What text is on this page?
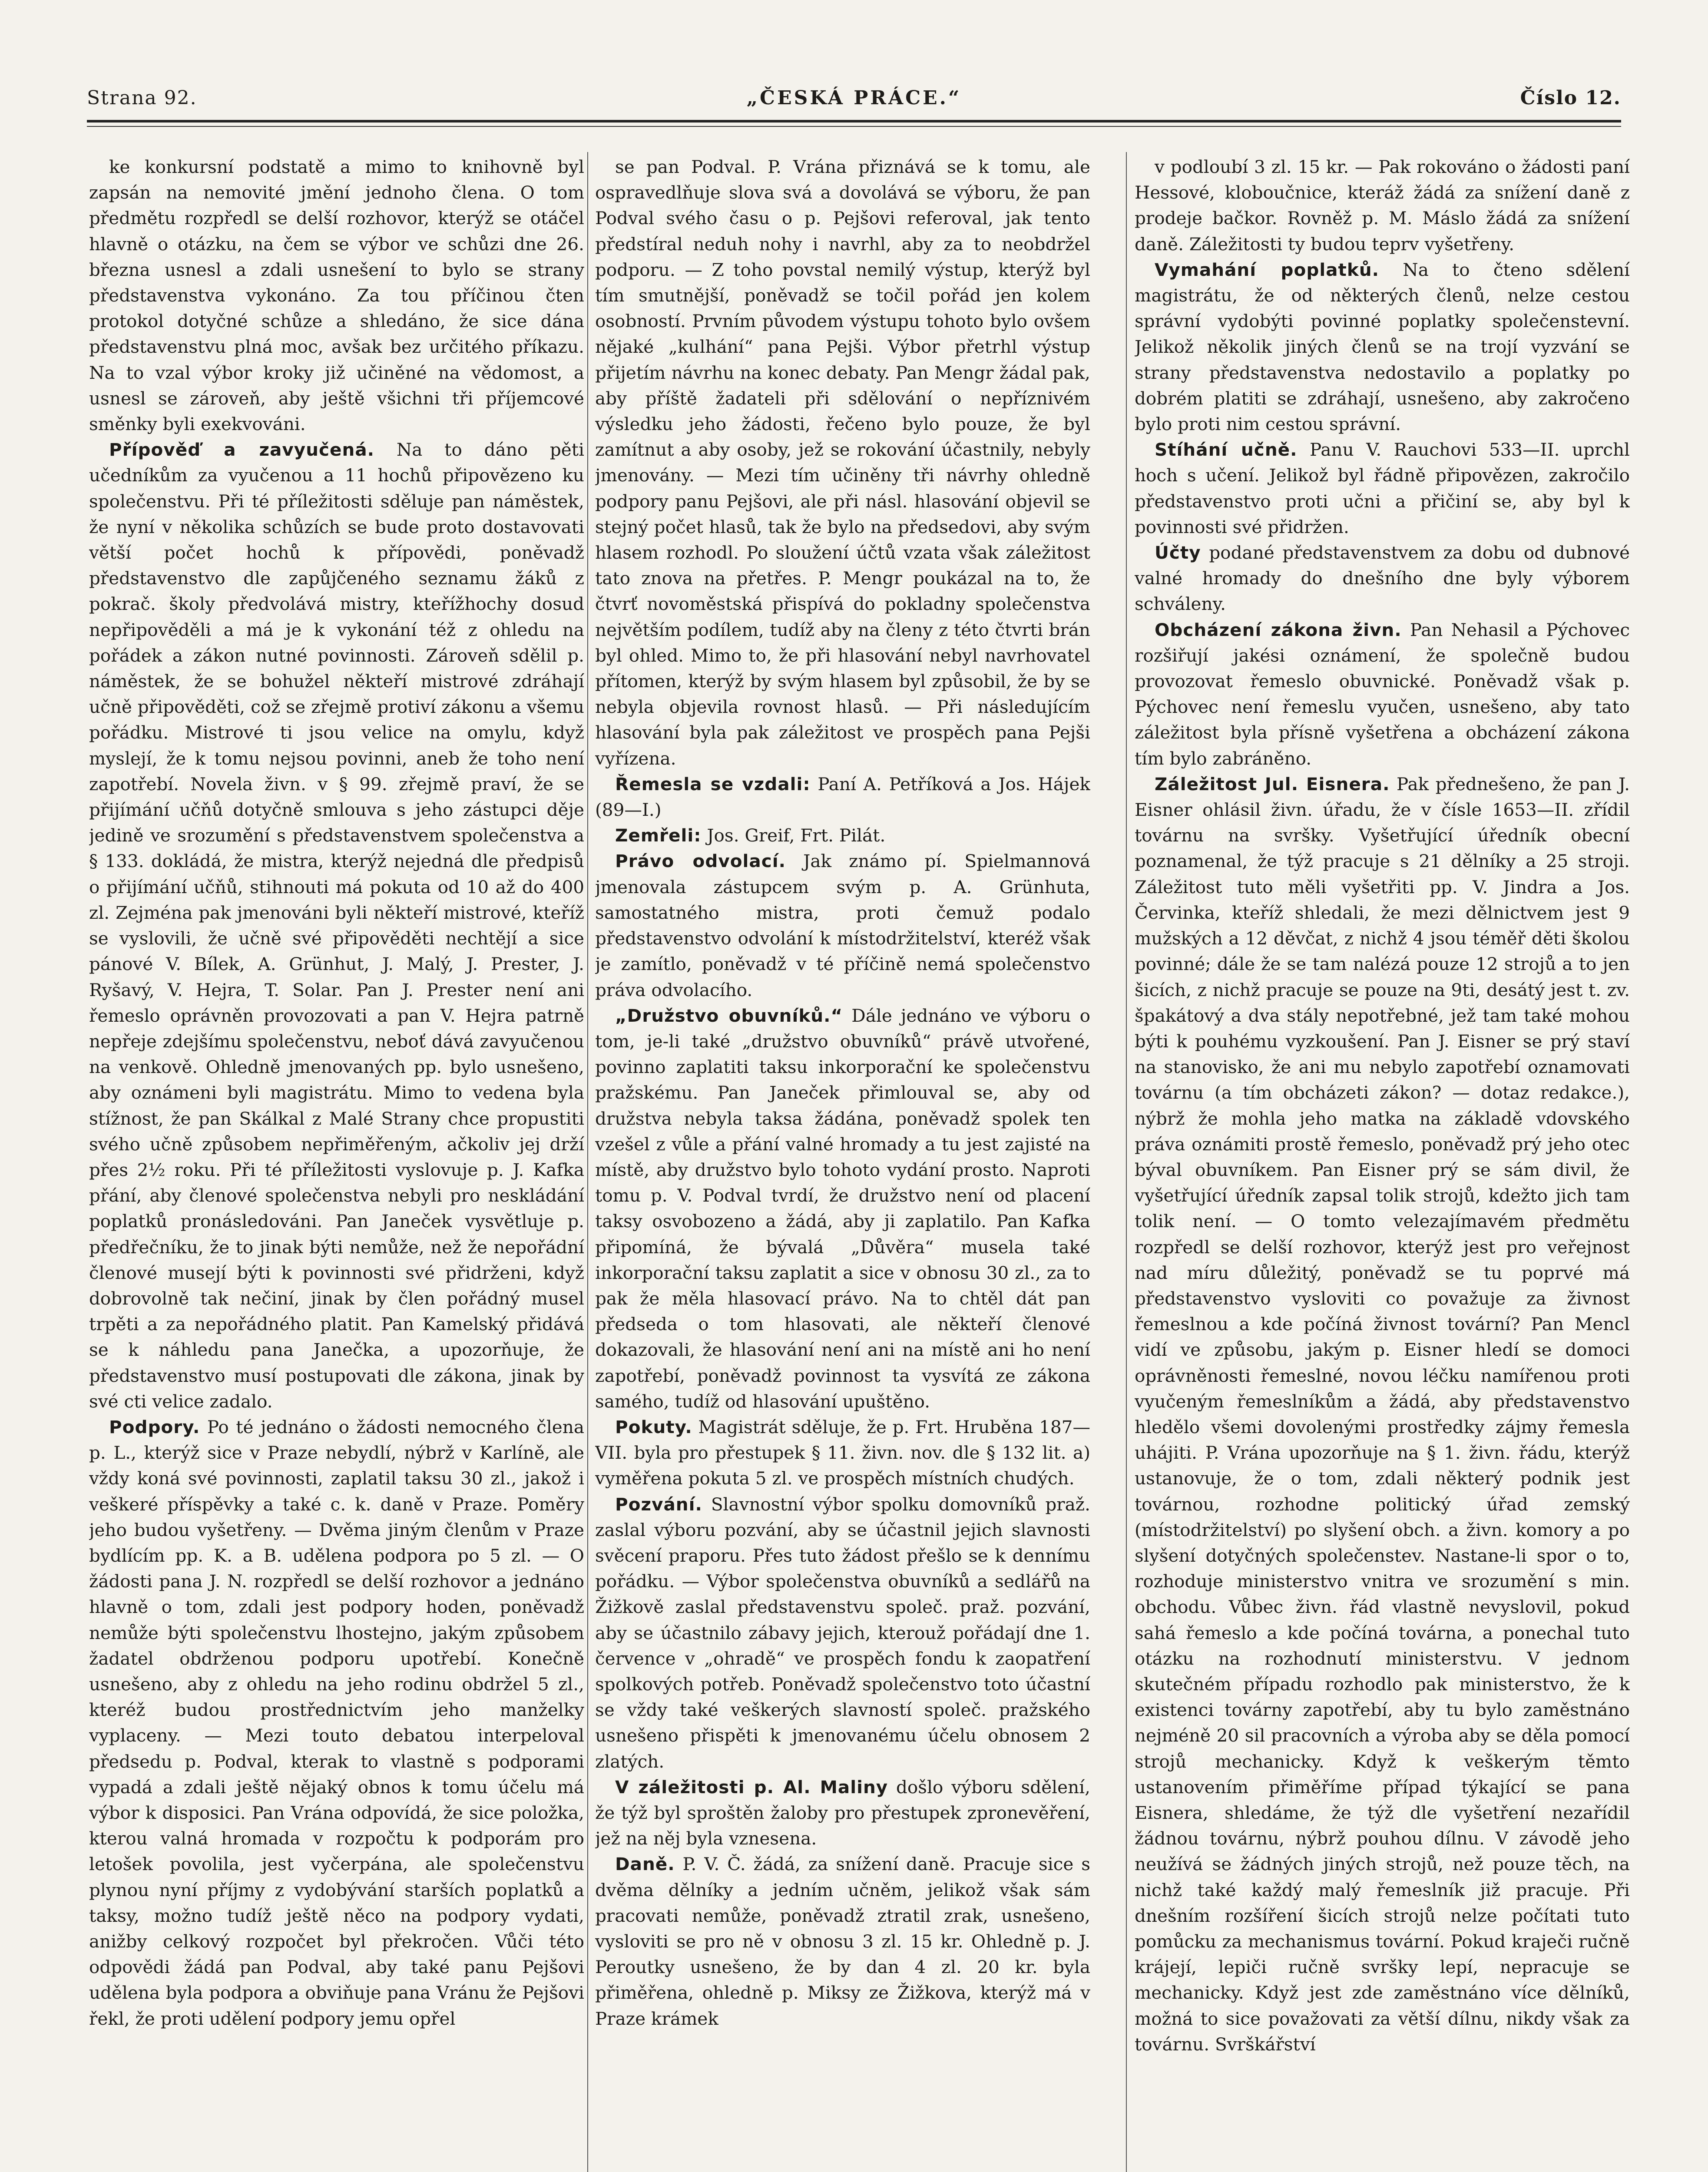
Strana 92.	„ČESKÁ PRÁCE.“	Číslo 12.

ke konkursní podstatě a mimo to knihovně byl zapsán na nemovité jmění jednoho člena. O tom předmětu rozpředl se delší rozhovor, kterýž se otáčel hlavně o otázku, na čem se výbor ve schůzi dne 26. března usnesl a zdali usnešení to bylo se strany představenstva vykonáno. Za tou příčinou čten protokol dotyčné schůze a shledáno, že sice dána představenstvu plná moc, avšak bez určitého příkazu. Na to vzal výbor kroky již učiněné na vědomost, a usnesl se zároveň, aby ještě všichni tři příjemcové směnky byli exekvováni.

Přípověď a zavyučená. Na to dáno pěti učedníkům za vyučenou a 11 hochů připovězeno ku společenstvu. Při té příležitosti sděluje pan náměstek, že nyní v několika schůzích se bude proto dostavovati větší počet hochů k přípovědi, poněvadž představenstvo dle zapůjčeného seznamu žáků z pokrač. školy předvolává mistry, kteřížhochy dosud nepřipověděli a má je k vykonání též z ohledu na pořádek a zákon nutné povinnosti. Zároveň sdělil p. náměstek, že se bohužel někteří mistrové zdráhají učně připověděti, což se zřejmě protiví zákonu a všemu pořádku. Mistrové ti jsou velice na omylu, když myslejí, že k tomu nejsou povinni, aneb že toho není zapotřebí. Novela živn. v § 99. zřejmě praví, že se přijímání učňů dotyčně smlouva s jeho zástupci děje jedině ve srozumění s představenstvem společenstva a § 133. dokládá, že mistra, kterýž nejedná dle předpisů o přijímání učňů, stihnouti má pokuta od 10 až do 400 zl. Zejména pak jmenováni byli někteří mistrové, kteříž se vyslovili, že učně své připověděti nechtějí a sice pánové V. Bílek, A. Grünhut, J. Malý, J. Prester, J. Ryšavý, V. Hejra, T. Solar. Pan J. Prester není ani řemeslo oprávněn provozovati a pan V. Hejra patrně nepřeje zdejšímu společenstvu, neboť dává zavyučenou na venkově. Ohledně jmenovaných pp. bylo usnešeno, aby oznámeni byli magistrátu. Mimo to vedena byla stížnost, že pan Skálkal z Malé Strany chce propustiti svého učně způsobem nepřiměřeným, ačkoliv jej drží přes 2½ roku. Při té příležitosti vyslovuje p. J. Kafka přání, aby členové společenstva nebyli pro neskládání poplatků pronásledováni. Pan Janeček vysvětluje p. předřečníku, že to jinak býti nemůže, než že nepořádní členové musejí býti k povinnosti své přidrženi, když dobrovolně tak nečiní, jinak by člen pořádný musel trpěti a za nepořádného platit. Pan Kamelský přidává se k náhledu pana Janečka, a upozorňuje, že představenstvo musí postupovati dle zákona, jinak by své cti velice zadalo.

Podpory. Po té jednáno o žádosti nemocného člena p. L., kterýž sice v Praze nebydlí, nýbrž v Karlíně, ale vždy koná své povinnosti, zaplatil taksu 30 zl., jakož i veškeré příspěvky a také c. k. daně v Praze. Poměry jeho budou vyšetřeny. — Dvěma jiným členům v Praze bydlícím pp. K. a B. udělena podpora po 5 zl. — O žádosti pana J. N. rozpředl se delší rozhovor a jednáno hlavně o tom, zdali jest podpory hoden, poněvadž nemůže býti společenstvu lhostejno, jakým způsobem žadatel obdrženou podporu upotřebí. Konečně usnešeno, aby z ohledu na jeho rodinu obdržel 5 zl., kteréž budou prostřednictvím jeho manželky vyplaceny. — Mezi touto debatou interpeloval předsedu p. Podval, kterak to vlastně s podporami vypadá a zdali ještě nějaký obnos k tomu účelu má výbor k disposici. Pan Vrána odpovídá, že sice položka, kterou valná hromada v rozpočtu k podporám pro letošek povolila, jest vyčerpána, ale společenstvu plynou nyní příjmy z vydobývání starších poplatků a taksy, možno tudíž ještě něco na podpory vydati, anižby celkový rozpočet byl překročen. Vůči této odpovědi žádá pan Podval, aby také panu Pejšovi udělena byla podpora a obviňuje pana Vránu že Pejšovi řekl, že proti udělení podpory jemu opřel

se pan Podval. P. Vrána přiznává se k tomu, ale ospravedlňuje slova svá a dovolává se výboru, že pan Podval svého času o p. Pejšovi referoval, jak tento předstíral neduh nohy i navrhl, aby za to neobdržel podporu. — Z toho povstal nemilý výstup, kterýž byl tím smutnější, poněvadž se točil pořád jen kolem osobností. Prvním původem výstupu tohoto bylo ovšem nějaké „kulhání“ pana Pejši. Výbor přetrhl výstup přijetím návrhu na konec debaty. Pan Mengr žádal pak, aby příště žadateli při sdělování o nepříznivém výsledku jeho žádosti, řečeno bylo pouze, že byl zamítnut a aby osoby, jež se rokování účastnily, nebyly jmenovány. — Mezi tím učiněny tři návrhy ohledně podpory panu Pejšovi, ale při násl. hlasování objevil se stejný počet hlasů, tak že bylo na předsedovi, aby svým hlasem rozhodl. Po sloužení účtů vzata však záležitost tato znova na přetřes. P. Mengr poukázal na to, že čtvrť novoměstská přispívá do pokladny společenstva největším podílem, tudíž aby na členy z této čtvrti brán byl ohled. Mimo to, že při hlasování nebyl navrhovatel přítomen, kterýž by svým hlasem byl způsobil, že by se nebyla objevila rovnost hlasů. — Při následujícím hlasování byla pak záležitost ve prospěch pana Pejši vyřízena.

Řemesla se vzdali: Paní A. Petříková a Jos. Hájek (89—I.)

Zemřeli: Jos. Greif, Frt. Pilát.

Právo odvolací. Jak známo pí. Spielmannová jmenovala zástupcem svým p. A. Grünhuta, samostatného mistra, proti čemuž podalo představenstvo odvolání k místodržitelství, kteréž však je zamítlo, poněvadž v té příčině nemá společenstvo práva odvolacího.

„Družstvo obuvníků.“ Dále jednáno ve výboru o tom, je-li také „družstvo obuvníků“ právě utvořené, povinno zaplatiti taksu inkorporační ke společenstvu pražskému. Pan Janeček přimlouval se, aby od družstva nebyla taksa žádána, poněvadž spolek ten vzešel z vůle a přání valné hromady a tu jest zajisté na místě, aby družstvo bylo tohoto vydání prosto. Naproti tomu p. V. Podval tvrdí, že družstvo není od placení taksy osvobozeno a žádá, aby ji zaplatilo. Pan Kafka připomíná, že bývalá „Důvěra“ musela také inkorporační taksu zaplatit a sice v obnosu 30 zl., za to pak že měla hlasovací právo. Na to chtěl dát pan předseda o tom hlasovati, ale někteří členové dokazovali, že hlasování není ani na místě ani ho není zapotřebí, poněvadž povinnost ta vysvítá ze zákona samého, tudíž od hlasování upuštěno.

Pokuty. Magistrát sděluje, že p. Frt. Hruběna 187—VII. byla pro přestupek § 11. živn. nov. dle § 132 lit. a) vyměřena pokuta 5 zl. ve prospěch místních chudých.

Pozvání. Slavnostní výbor spolku domovníků praž. zaslal výboru pozvání, aby se účastnil jejich slavnosti svěcení praporu. Přes tuto žádost přešlo se k dennímu pořádku. — Výbor společenstva obuvníků a sedlářů na Žižkově zaslal představenstvu společ. praž. pozvání, aby se účastnilo zábavy jejich, kterouž pořádají dne 1. července v „ohradě“ ve prospěch fondu k zaopatření spolkových potřeb. Poněvadž společenstvo toto účastní se vždy také veškerých slavností společ. pražského usnešeno přispěti k jmenovanému účelu obnosem 2 zlatých.

V záležitosti p. Al. Maliny došlo výboru sdělení, že týž byl sproštěn žaloby pro přestupek zpronevěření, jež na něj byla vznesena.

Daně. P. V. Č. žádá, za snížení daně. Pracuje sice s dvěma dělníky a jedním učněm, jelikož však sám pracovati nemůže, poněvadž ztratil zrak, usnešeno, vysloviti se pro ně v obnosu 3 zl. 15 kr. Ohledně p. J. Peroutky usnešeno, že by dan 4 zl. 20 kr. byla přiměřena, ohledně p. Miksy ze Žižkova, kterýž má v Praze krámek

v podloubí 3 zl. 15 kr. — Pak rokováno o žádosti paní Hessové, kloboučnice, kteráž žádá za snížení daně z prodeje bačkor. Rovněž p. M. Máslo žádá za snížení daně. Záležitosti ty budou teprv vyšetřeny.

Vymahání poplatků. Na to čteno sdělení magistrátu, že od některých členů, nelze cestou správní vydobýti povinné poplatky společenstevní. Jelikož několik jiných členů se na trojí vyzvání se strany představenstva nedostavilo a poplatky po dobrém platiti se zdráhají, usnešeno, aby zakročeno bylo proti nim cestou správní.

Stíhání učně. Panu V. Rauchovi 533—II. uprchl hoch s učení. Jelikož byl řádně připovězen, zakročilo představenstvo proti učni a přičiní se, aby byl k povinnosti své přidržen.

Účty podané představenstvem za dobu od dubnové valné hromady do dnešního dne byly výborem schváleny.

Obcházení zákona živn. Pan Nehasil a Pýchovec rozšiřují jakési oznámení, že společně budou provozovat řemeslo obuvnické. Poněvadž však p. Pýchovec není řemeslu vyučen, usnešeno, aby tato záležitost byla přísně vyšetřena a obcházení zákona tím bylo zabráněno.

Záležitost Jul. Eisnera. Pak přednešeno, že pan J. Eisner ohlásil živn. úřadu, že v čísle 1653—II. zřídil továrnu na svršky. Vyšetřující úředník obecní poznamenal, že týž pracuje s 21 dělníky a 25 stroji. Záležitost tuto měli vyšetřiti pp. V. Jindra a Jos. Červinka, kteříž shledali, že mezi dělnictvem jest 9 mužských a 12 děvčat, z nichž 4 jsou téměř děti školou povinné; dále že se tam nalézá pouze 12 strojů a to jen šicích, z nichž pracuje se pouze na 9ti, desátý jest t. zv. špakátový a dva stály nepotřebné, jež tam také mohou býti k pouhému vyzkoušení. Pan J. Eisner se prý staví na stanovisko, že ani mu nebylo zapotřebí oznamovati továrnu (a tím obcházeti zákon? — dotaz redakce.), nýbrž že mohla jeho matka na základě vdovského práva oznámiti prostě řemeslo, poněvadž prý jeho otec býval obuvníkem. Pan Eisner prý se sám divil, že vyšetřující úředník zapsal tolik strojů, kdežto jich tam tolik není. — O tomto velezajímavém předmětu rozpředl se delší rozhovor, kterýž jest pro veřejnost nad míru důležitý, poněvadž se tu poprvé má představenstvo vysloviti co považuje za živnost řemeslnou a kde počíná živnost tovární? Pan Mencl vidí ve způsobu, jakým p. Eisner hledí se domoci oprávněnosti řemeslné, novou léčku namířenou proti vyučeným řemeslníkům a žádá, aby představenstvo hledělo všemi dovolenými prostředky zájmy řemesla uhájiti. P. Vrána upozorňuje na § 1. živn. řádu, kterýž ustanovuje, že o tom, zdali některý podnik jest továrnou, rozhodne politický úřad zemský (místodržitelství) po slyšení obch. a živn. komory a po slyšení dotyčných společenstev. Nastane-li spor o to, rozhoduje ministerstvo vnitra ve srozumění s min. obchodu. Vůbec živn. řád vlastně nevyslovil, pokud sahá řemeslo a kde počíná továrna, a ponechal tuto otázku na rozhodnutí ministerstvu. V jednom skutečném případu rozhodlo pak ministerstvo, že k existenci továrny zapotřebí, aby tu bylo zaměstnáno nejméně 20 sil pracovních a výroba aby se děla pomocí strojů mechanicky. Když k veškerým těmto ustanovením přiměříme případ týkající se pana Eisnera, shledáme, že týž dle vyšetření nezařídil žádnou továrnu, nýbrž pouhou dílnu. V závodě jeho neužívá se žádných jiných strojů, než pouze těch, na nichž také každý malý řemeslník již pracuje. Při dnešním rozšíření šicích strojů nelze počítati tuto pomůcku za mechanismus tovární. Pokud kraječi ručně krájejí, lepiči ručně svršky lepí, nepracuje se mechanicky. Když jest zde zaměstnáno více dělníků, možná to sice považovati za větší dílnu, nikdy však za továrnu. Svrškářství
